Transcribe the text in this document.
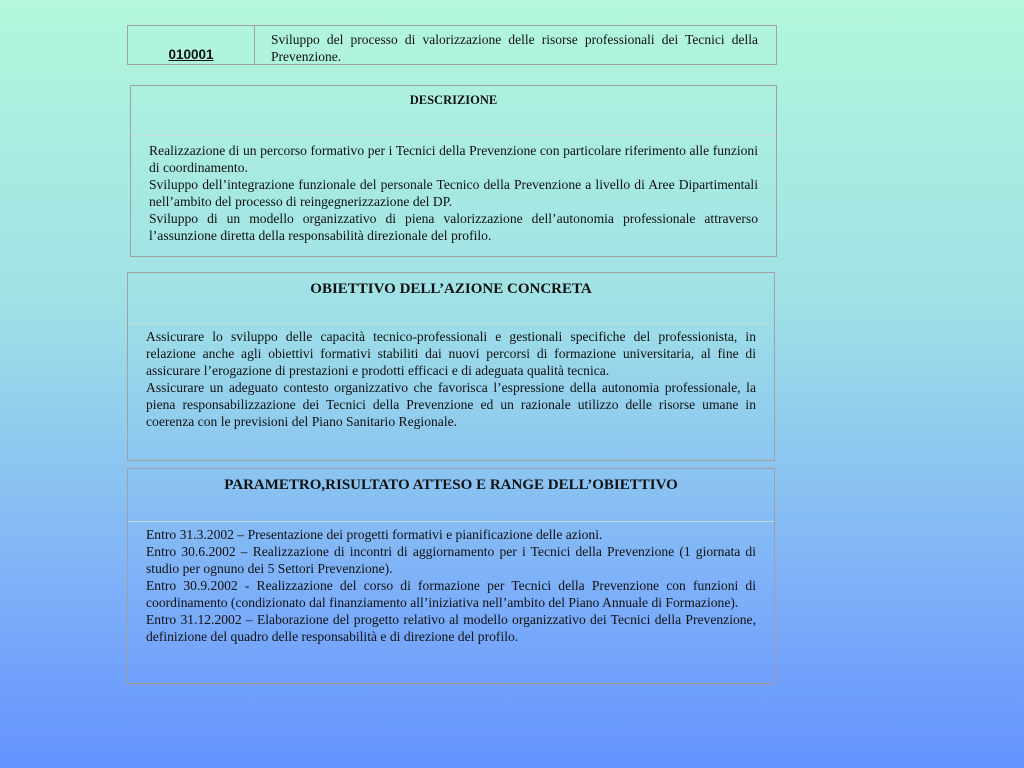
010001
Sviluppo del processo di valorizzazione delle risorse professionali dei Tecnici della Prevenzione.
DESCRIZIONE

Realizzazione di un percorso formativo per i Tecnici della Prevenzione con particolare riferimento alle funzioni di coordinamento.

Sviluppo dell’integrazione funzionale del personale Tecnico della Prevenzione a livello di Aree Dipartimentali nell’ambito del processo di reingegnerizzazione del DP.

Sviluppo di un modello organizzativo di piena valorizzazione dell’autonomia professionale attraverso l’assunzione diretta della responsabilità direzionale del profilo.

OBIETTIVO DELL’AZIONE CONCRETA

Assicurare lo sviluppo delle capacità tecnico-professionali e gestionali specifiche del professionista, in relazione anche agli obiettivi formativi stabiliti dai nuovi percorsi di formazione universitaria, al fine di assicurare l’erogazione di prestazioni e prodotti efficaci e di adeguata qualità tecnica.

Assicurare un adeguato contesto organizzativo che favorisca l’espressione della autonomia professionale, la piena responsabilizzazione dei Tecnici della Prevenzione ed un razionale utilizzo delle risorse umane in coerenza con le previsioni del Piano Sanitario Regionale.

PARAMETRO,RISULTATO ATTESO E RANGE DELL’OBIETTIVO

Entro 31.3.2002 – Presentazione dei progetti formativi e pianificazione delle azioni.

Entro 30.6.2002 – Realizzazione di incontri di aggiornamento per i Tecnici della Prevenzione (1 giornata di studio per ognuno dei 5 Settori Prevenzione).

Entro 30.9.2002 - Realizzazione del corso di formazione per Tecnici della Prevenzione con funzioni di coordinamento (condizionato dal finanziamento all’iniziativa nell’ambito del Piano Annuale di Formazione).

Entro 31.12.2002 – Elaborazione del progetto relativo al modello organizzativo dei Tecnici della Prevenzione, definizione del quadro delle responsabilità e di direzione del profilo.
